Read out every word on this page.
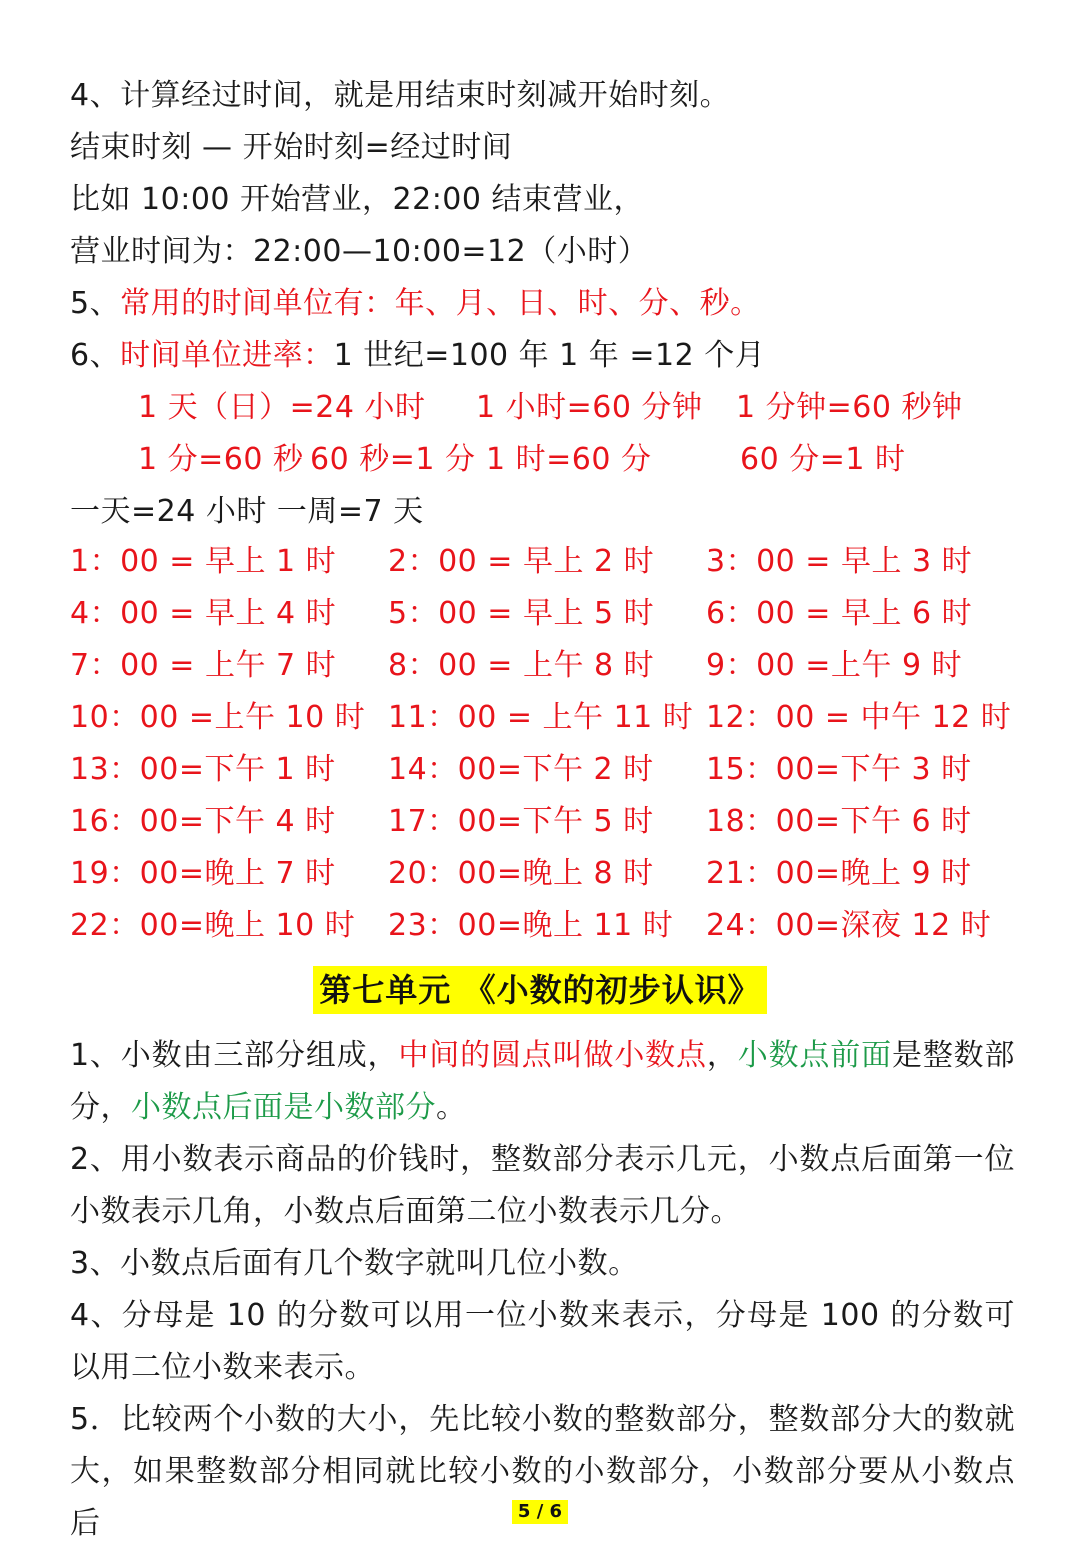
4、计算经过时间，就是用结束时刻减开始时刻。
结束时刻 — 开始时刻=经过时间
比如 10:00 开始营业，22:00 结束营业，
营业时间为：22:00—10:00=12（小时）
5、常用的时间单位有：年、月、日、时、分、秒。
6、时间单位进率：1 世纪=100 年 1 年 =12 个月
1 天（日）=24 小时 1 小时=60 分钟 1 分钟=60 秒钟
1 分=60 秒 60 秒=1 分 1 时=60 分	60 分=1 时
一天=24 小时 一周=7 天
1：00 = 早上 1 时 2：00 = 早上 2 时 3：00 = 早上 3 时
4：00 = 早上 4 时 5：00 = 早上 5 时 6：00 = 早上 6 时
7：00 = 上午 7 时 8：00 = 上午 8 时 9：00 =上午 9 时
10：00 =上午 10 时 11：00 = 上午 11 时 12：00 = 中午 12 时
13：00=下午 1 时 14：00=下午 2 时 15：00=下午 3 时
16：00=下午 4 时 17：00=下午 5 时 18：00=下午 6 时
19：00=晚上 7 时 20：00=晚上 8 时 21：00=晚上 9 时
22：00=晚上 10 时 23：00=晚上 11 时 24：00=深夜 12 时
第七单元 《小数的初步认识》
1、小数由三部分组成，中间的圆点叫做小数点，小数点前面是整数部分，小数点后面是小数部分。
2、用小数表示商品的价钱时，整数部分表示几元，小数点后面第一位小数表示几角，小数点后面第二位小数表示几分。
3、小数点后面有几个数字就叫几位小数。
4、分母是 10 的分数可以用一位小数来表示，分母是 100 的分数可以用二位小数来表示。
5．比较两个小数的大小，先比较小数的整数部分，整数部分大的数就大，如果整数部分相同就比较小数的小数部分，小数部分要从小数点后	5 / 6
